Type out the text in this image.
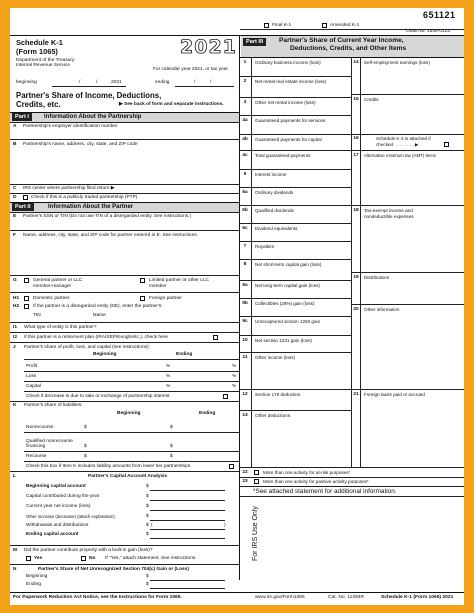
651121
Final K-1	Amended K-1
OMB No. 1545-0123
Schedule K-1
(Form 1065)
Department of the Treasury
Internal Revenue Service
2021
For calendar year 2021, or tax year
beginning	/	/	2021	ending	/	/
Partner's Share of Income, Deductions,
Credits, etc.	▶ See back of form and separate instructions.
Part I	Information About the Partnership
A Partnership's employer identification number
B Partnership's name, address, city, state, and ZIP code
C IRS center where partnership filed return ▶
D	Check if this is a publicly traded partnership (PTP)
Part II	Information About the Partner
E Partner's SSN or TIN (Do not use TIN of a disregarded entity. See instructions.)
F Name, address, city, state, and ZIP code for partner entered in E. See instructions.
G	General partner or LLC
member-manager
Limited partner or other LLC
member
H1	Domestic partner	Foreign partner
H2	If the partner is a disregarded entity (DE), enter the partner's:
TIN	Name
I1 What type of entity is this partner?
I2 If this partner is a retirement plan (IRA/SEP/Keogh/etc.), check here
J Partner's share of profit, loss, and capital (see instructions):
Beginning	Ending
Profit	%	%
Loss	%	%
Capital	%	%
Check if decrease is due to sale or exchange of partnership interest
K Partner's share of liabilities:
Beginning	Ending
Nonrecourse	$	$
Qualified nonrecourse
financing	$	$
Recourse	$	$
Check this box if Item K includes liability amounts from lower tier partnerships
L	Partner's Capital Account Analysis
Beginning capital account	$
Capital contributed during the year	$
Current year net income (loss)	$
Other increase (decrease) (attach explanation)	$
Withdrawals and distributions	$ (	)
Ending capital account	$
M Did the partner contribute property with a built-in gain (loss)?
Yes	No If "Yes," attach statement. See instructions.
N	Partner's Share of Net Unrecognized Section 704(c) Gain or (Loss)
Beginning	$
Ending	$
Part III	Partner's Share of Current Year Income,
Deductions, Credits, and Other Items
1	Ordinary business income (loss)
2	Net rental real estate income (loss)
3	Other net rental income (loss)
4a	Guaranteed payments for services
4b	Guaranteed payments for capital
4c	Total guaranteed payments
5	Interest income
6a	Ordinary dividends
6b	Qualified dividends
6c	Dividend equivalents
7	Royalties
8	Net short-term capital gain (loss)
9a	Net long-term capital gain (loss)
9b	Collectibles (28%) gain (loss)
9c	Unrecaptured section 1250 gain
10	Net section 1231 gain (loss)
11	Other income (loss)
12	Section 179 deduction
13	Other deductions
14	Self-employment earnings (loss)
15	Credits
16	Schedule K-3 is attached if
checked . . . . . . . ▶
17	Alternative minimum tax (AMT) items
18	Tax-exempt income and
nondeductible expenses
19	Distributions
20	Other information
21	Foreign taxes paid or accrued
22	More than one activity for at-risk purposes*
23	More than one activity for passive activity purposes*
*See attached statement for additional information.
For IRS Use Only
For Paperwork Reduction Act Notice, see the Instructions for Form 1065.	www.irs.gov/Form1065	Cat. No. 11394R	Schedule K-1 (Form 1065) 2021
